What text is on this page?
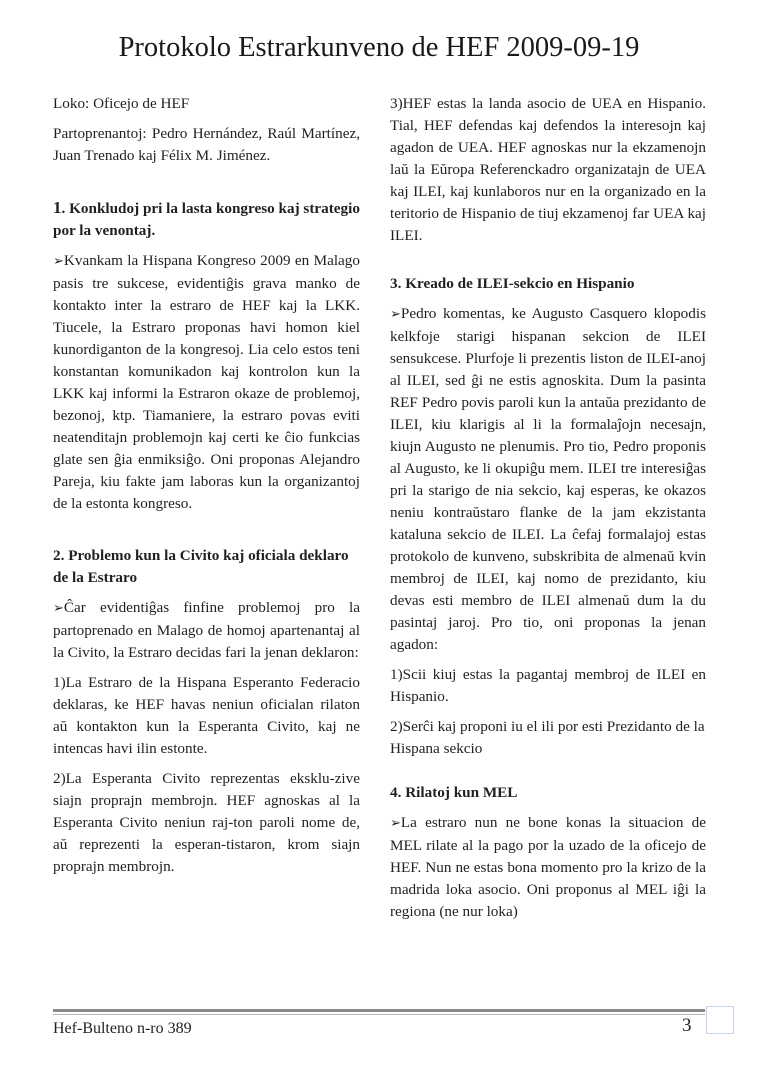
Protokolo Estrarkunveno de HEF 2009-09-19

Loko: Oficejo de HEF

Partoprenantoj: Pedro Hernández, Raúl Martínez, Juan Trenado kaj Félix M. Jiménez.

1. Konkludoj pri la lasta kongreso kaj strategio por la venontaj.

➢Kvankam la Hispana Kongreso 2009 en Malago pasis tre sukcese, evidentiĝis grava manko de kontakto inter la estraro de HEF kaj la LKK. Tiucele, la Estraro proponas havi homon kiel kunordiganton de la kongresoj. Lia celo estos teni konstantan komunikadon kaj kontrolon kun la LKK kaj informi la Estraron okaze de problemoj, bezonoj, ktp. Tiamaniere, la estraro povas eviti neatenditajn problemojn kaj certi ke ĉio funkcias glate sen ĝia enmiksiĝo. Oni proponas Alejandro Pareja, kiu fakte jam laboras kun la organizantoj de la estonta kongreso.

2. Problemo kun la Civito kaj oficiala deklaro de la Estraro

➢Ĉar evidentiĝas finfine problemoj pro la partoprenado en Malago de homoj apartenantaj al la Civito, la Estraro decidas fari la jenan deklaron:

1)La Estraro de la Hispana Esperanto Federacio deklaras, ke HEF havas neniun oficialan rilaton aŭ kontakton kun la Esperanta Civito, kaj ne intencas havi ilin estonte.

2)La Esperanta Civito reprezentas eksklu-zive siajn proprajn membrojn. HEF agnoskas al la Esperanta Civito neniun raj-ton paroli nome de, aŭ reprezenti la esperan-tistaron, krom siajn proprajn membrojn.

3)HEF estas la landa asocio de UEA en Hispanio. Tial, HEF defendas kaj defendos la interesojn kaj agadon de UEA. HEF agnoskas nur la ekzamenojn laŭ la Eŭropa Referenckadro organizatajn de UEA kaj ILEI, kaj kunlaboros nur en la organizado en la teritorio de Hispanio de tiuj ekzamenoj far UEA kaj ILEI.

3. Kreado de ILEI-sekcio en Hispanio

➢Pedro komentas, ke Augusto Casquero klopodis kelkfoje starigi hispanan sekcion de ILEI sensukcese. Plurfoje li prezentis liston de ILEI-anoj al ILEI, sed ĝi ne estis agnoskita. Dum la pasinta REF Pedro povis paroli kun la antaŭa prezidanto de ILEI, kiu klarigis al li la formalaĵojn necesajn, kiujn Augusto ne plenumis. Pro tio, Pedro proponis al Augusto, ke li okupiĝu mem. ILEI tre interesiĝas pri la starigo de nia sekcio, kaj esperas, ke okazos neniu kontraŭstaro flanke de la jam ekzistanta kataluna sekcio de ILEI. La ĉefaj formalajoj estas protokolo de kunveno, subskribita de almenaŭ kvin membroj de ILEI, kaj nomo de prezidanto, kiu devas esti membro de ILEI almenaŭ dum la du pasintaj jaroj. Pro tio, oni proponas la jenan agadon:

1)Scii kiuj estas la pagantaj membroj de ILEI en Hispanio.

2)Serĉi kaj proponi iu el ili por esti Prezidanto de la Hispana sekcio

4. Rilatoj kun MEL

➢La estraro nun ne bone konas la situacion de MEL rilate al la pago por la uzado de la oficejo de HEF. Nun ne estas bona momento pro la krizo de la madrida loka asocio. Oni proponus al MEL iĝi la regiona (ne nur loka)

Hef-Bulteno n-ro 389	3
